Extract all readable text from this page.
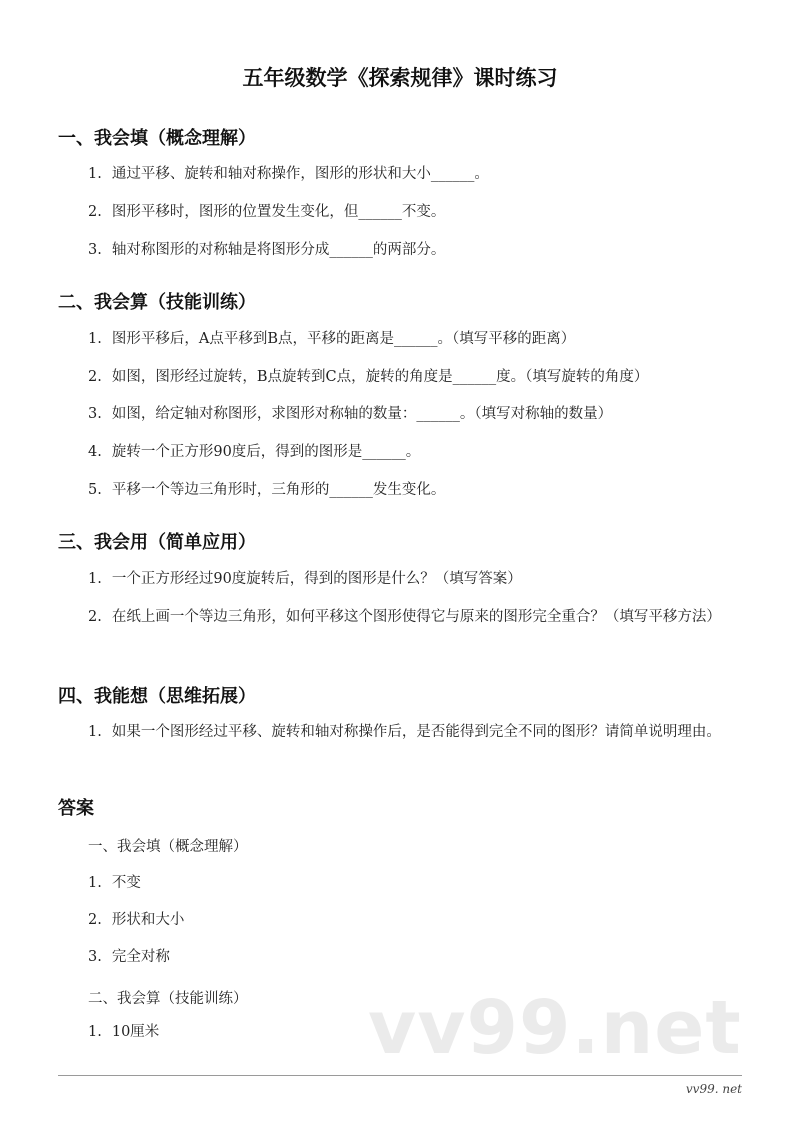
五年级数学《探索规律》课时练习
一、我会填（概念理解）
1. 通过平移、旋转和轴对称操作，图形的形状和大小______。
2. 图形平移时，图形的位置发生变化，但______不变。
3. 轴对称图形的对称轴是将图形分成______的两部分。
二、我会算（技能训练）
1. 图形平移后，A点平移到B点，平移的距离是______。（填写平移的距离）
2. 如图，图形经过旋转，B点旋转到C点，旋转的角度是______度。（填写旋转的角度）
3. 如图，给定轴对称图形，求图形对称轴的数量：______。（填写对称轴的数量）
4. 旋转一个正方形90度后，得到的图形是______。
5. 平移一个等边三角形时，三角形的______发生变化。
三、我会用（简单应用）
1. 一个正方形经过90度旋转后，得到的图形是什么？（填写答案）
2. 在纸上画一个等边三角形，如何平移这个图形使得它与原来的图形完全重合？（填写平移方法）
四、我能想（思维拓展）
1. 如果一个图形经过平移、旋转和轴对称操作后，是否能得到完全不同的图形？请简单说明理由。
答案
一、我会填（概念理解）
1. 不变
2. 形状和大小
3. 完全对称
二、我会算（技能训练）
1. 10厘米	vv99.net
vv99. net
